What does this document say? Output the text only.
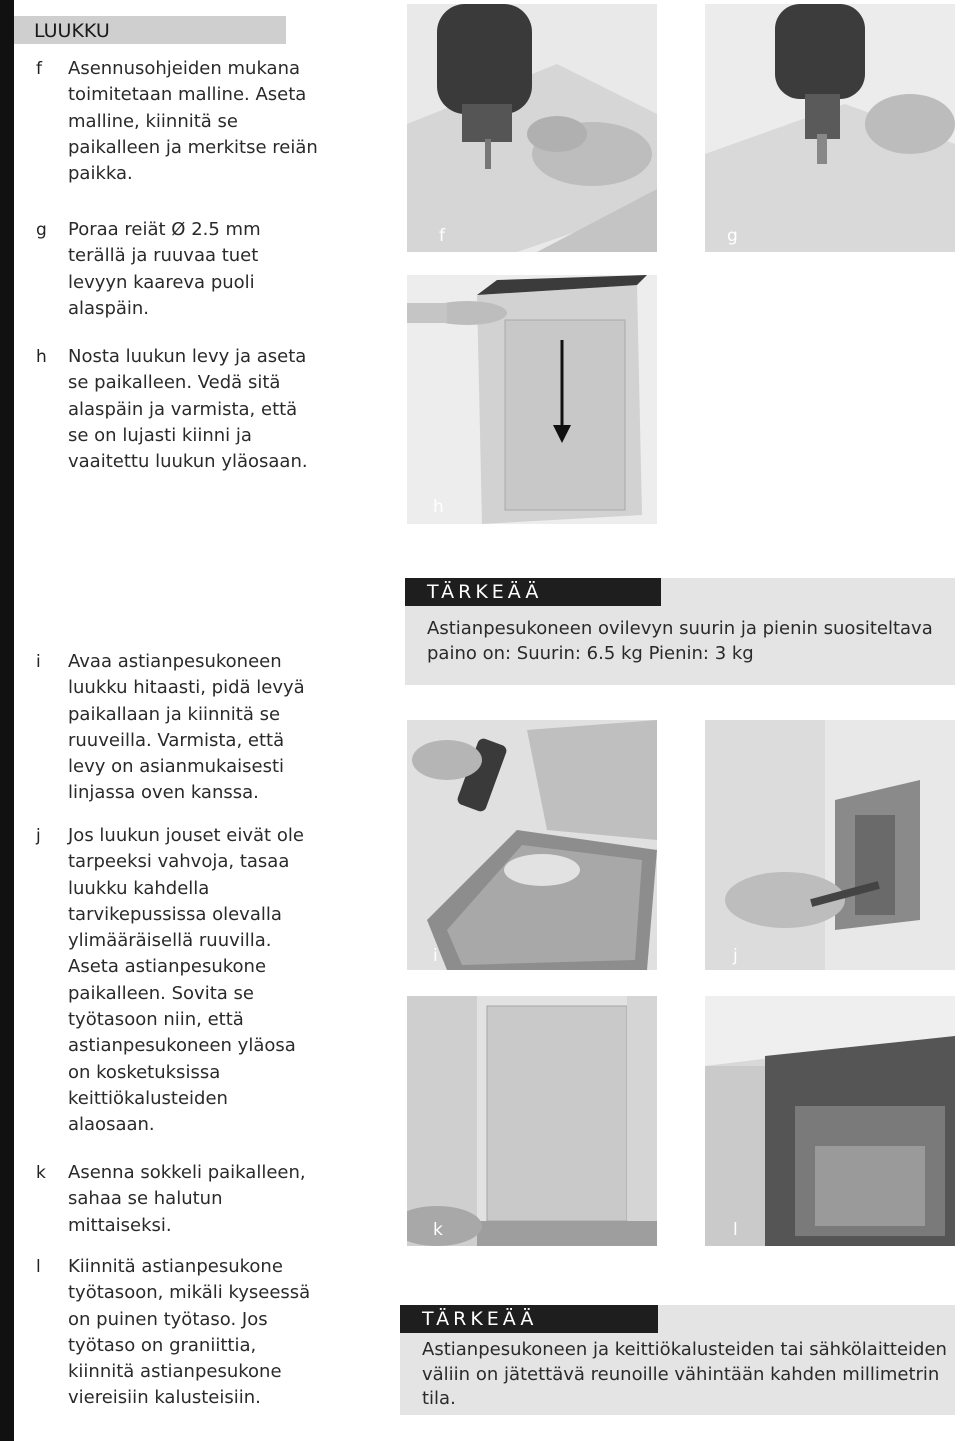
LUUKKU
f	Asennusohjeiden mukana toimitetaan malline. Aseta malline, kiinnitä se paikalleen ja merkitse reiän paikka.
g	Poraa reiät Ø 2.5 mm terällä ja ruuvaa tuet levyyn kaareva puoli alaspäin.
h	Nosta luukun levy ja aseta se paikalleen. Vedä sitä alaspäin ja varmista, että se on lujasti kiinni ja vaaitettu luukun yläosaan.
i	Avaa astianpesukoneen luukku hitaasti, pidä levyä paikallaan ja kiinnitä se ruuveilla. Varmista, että levy on asianmukaisesti linjassa oven kanssa.
j	Jos luukun jouset eivät ole tarpeeksi vahvoja, tasaa luukku kahdella tarvikepussissa olevalla ylimääräisellä ruuvilla. Aseta astianpesukone paikalleen. Sovita se työtasoon niin, että astianpesukoneen yläosa on kosketuksissa keittiökalusteiden alaosaan.
k	Asenna sokkeli paikalleen, sahaa se halutun mittaiseksi.
l	Kiinnitä astianpesukone työtasoon, mikäli kyseessä on puinen työtaso. Jos työtaso on graniittia, kiinnitä astianpesukone viereisiin kalusteisiin.
f	g
h
TÄRKEÄÄ
Astianpesukoneen ovilevyn suurin ja pienin suositeltava paino on: Suurin: 6.5 kg Pienin: 3 kg
i	j
k	l
TÄRKEÄÄ
Astianpesukoneen ja keittiökalusteiden tai sähkölaitteiden väliin on jätettävä reunoille vähintään kahden millimetrin tila.
